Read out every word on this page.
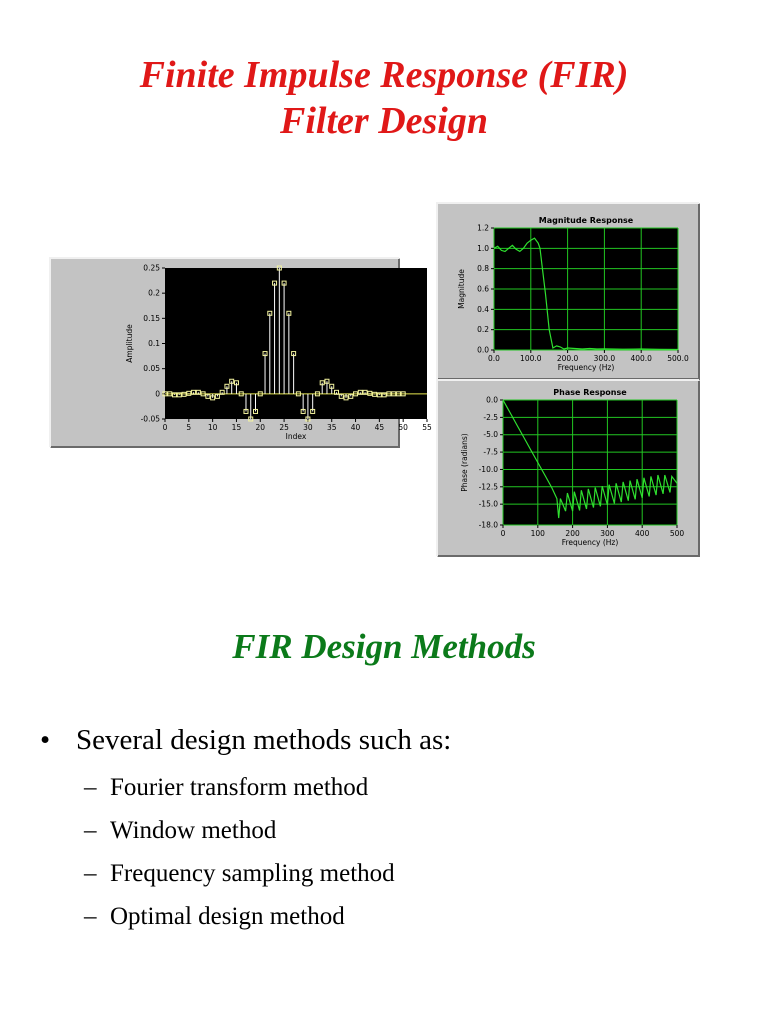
Finite Impulse Response (FIR)
Filter Design
0	5 10 15 20 25 30 35 40 45 50 55
0.25
0.2
0.15
0.1
0.05
0
-0.05
Index
Amplitude
Magnitude Response
0.0	100.0 200.0 300.0 400.0 500.0
1.2
1.0
0.8
0.6
0.4
0.2
0.0
Frequency (Hz)
Magnitude
Phase Response
0	100	200	300	400	500
0.0
-2.5
-5.0
-7.5
-10.0
-12.5
-15.0
-18.0
Frequency (Hz)
Phase (radians)
FIR Design Methods
• Several design methods such as:
– Fourier transform method
– Window method
– Frequency sampling method
– Optimal design method
